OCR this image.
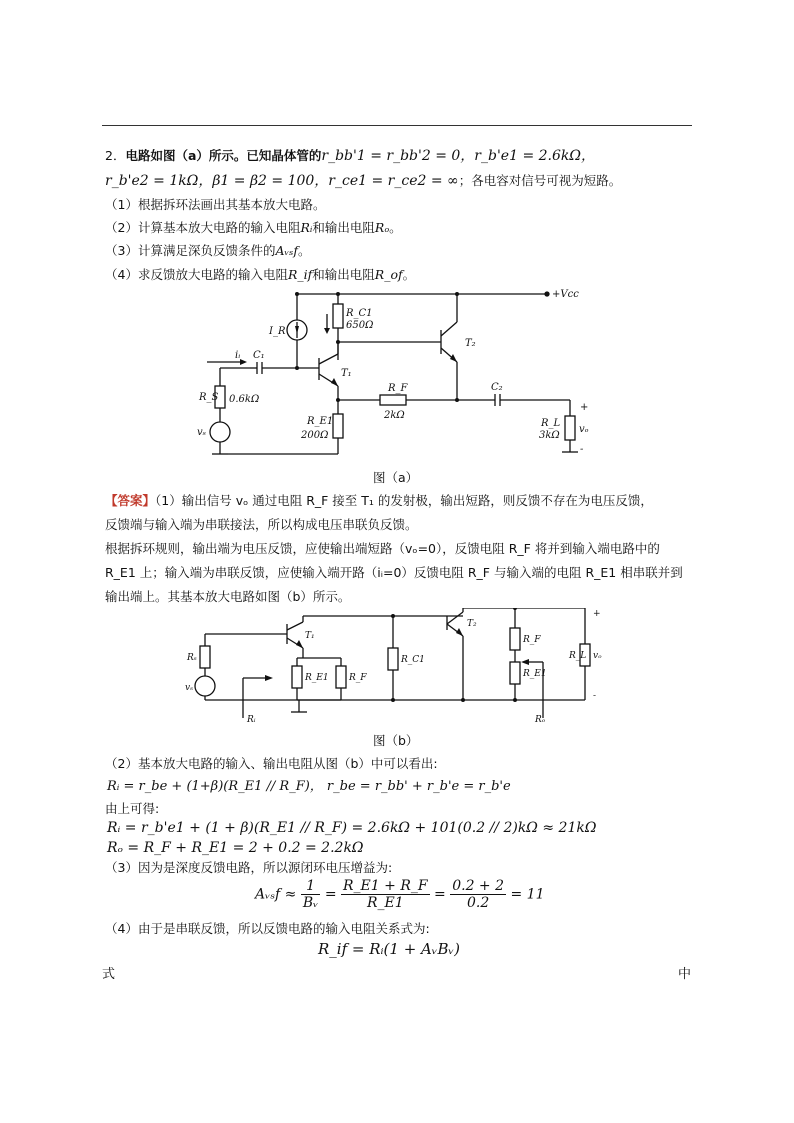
2．电路如图（a）所示。已知晶体管的r_bb'1 = r_bb'2 = 0，r_b'e1 = 2.6kΩ，
r_b'e2 = 1kΩ，β1 = β2 = 100，r_ce1 = r_ce2 = ∞；各电容对信号可视为短路。
（1）根据拆环法画出其基本放大电路。
（2）计算基本放大电路的输入电阻Rᵢ和输出电阻Rₒ。
（3）计算满足深负反馈条件的Aᵥₛf。
（4）求反馈放大电路的输入电阻R_if和输出电阻R_of。
+Vcc
I_R
R_C1
650Ω
T₂
iᵢ C₁
T₁
R_F
2kΩ
C₂
R_S 0.6kΩ
vₛ
R_E1
200Ω
R_L
3kΩ
vₒ
+
-
图（a）
【答案】（1）输出信号 vₒ 通过电阻 R_F 接至 T₁ 的发射极，输出短路，则反馈不存在为电压反馈，
反馈端与输入端为串联接法，所以构成电压串联负反馈。
根据拆环规则，输出端为电压反馈，应使输出端短路（vₒ=0），反馈电阻 R_F 将并到输入端电路中的
R_E1 上；输入端为串联反馈，应使输入端开路（iᵢ=0）反馈电阻 R_F 与输入端的电阻 R_E1 相串联并到
输出端上。其基本放大电路如图（b）所示。
Rₛ
vₛ
T₁
R_E1 R_F
R_C1
T₂
R_F
R_E1
R_L vₒ
+
-
Rᵢ	Rₒ
图（b）
（2）基本放大电路的输入、输出电阻从图（b）中可以看出:
Rᵢ = r_be + (1+β)(R_E1 // R_F)， r_be = r_bb' + r_b'e = r_b'e
由上可得:
Rᵢ = r_b'e1 + (1 + β)(R_E1 // R_F) = 2.6kΩ + 101(0.2 // 2)kΩ ≈ 21kΩ
Rₒ = R_F + R_E1 = 2 + 0.2 = 2.2kΩ
（3）因为是深度反馈电路，所以源闭环电压增益为:
Aᵥₛf ≈ $\frac{1}{\text{Bᵥ}} = \frac{R\_E1 + R\_F}{R\_E1} = \frac{0.2 + 2}{0.2} = 11$
（4）由于是串联反馈，所以反馈电路的输入电阻关系式为:
R_if = Rᵢ(1 + AᵥBᵥ)
式	中
